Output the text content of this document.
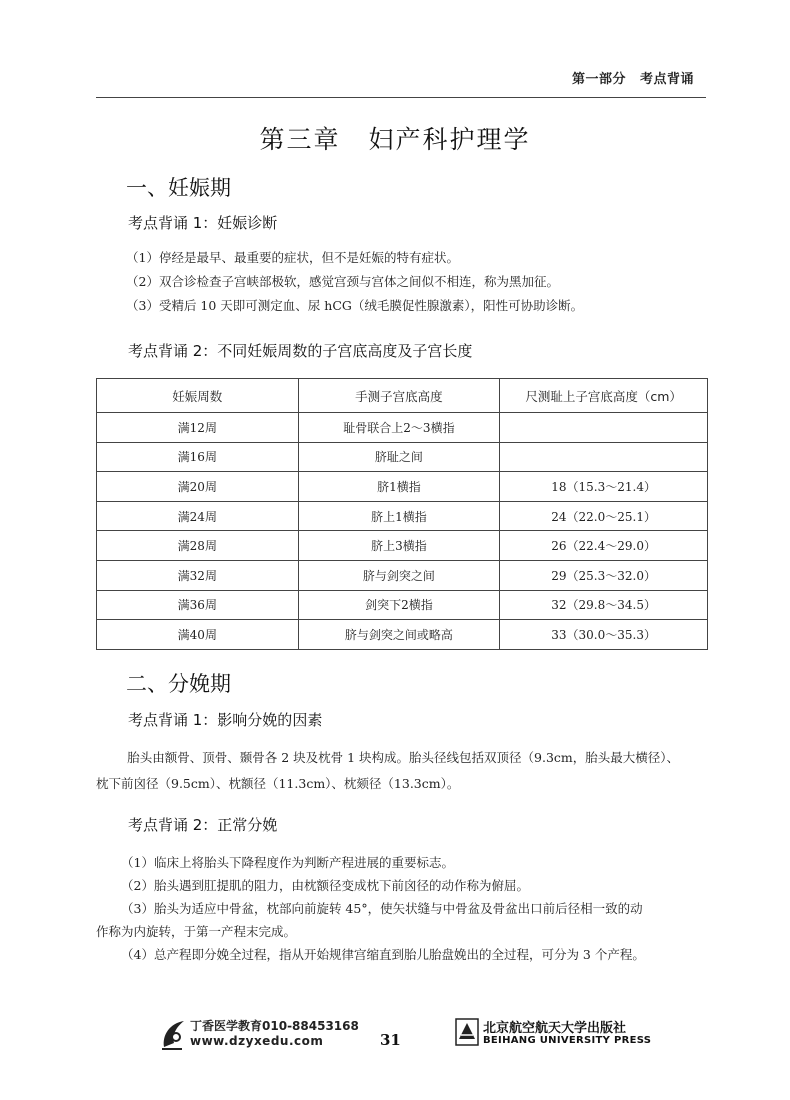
第一部分 考点背诵
第三章 妇产科护理学
一、妊娠期
考点背诵 1：妊娠诊断

（1）停经是最早、最重要的症状，但不是妊娠的特有症状。

（2）双合诊检查子宫峡部极软，感觉宫颈与宫体之间似不相连，称为黑加征。

（3）受精后 10 天即可测定血、尿 hCG（绒毛膜促性腺激素），阳性可协助诊断。

考点背诵 2：不同妊娠周数的子宫底高度及子宫长度
妊娠周数	手测子宫底高度	尺测耻上子宫底高度（cm）
满12周	耻骨联合上2～3横指	
满16周	脐耻之间	
满20周	脐1横指	18（15.3～21.4）
满24周	脐上1横指	24（22.0～25.1）
满28周	脐上3横指	26（22.4～29.0）
满32周	脐与剑突之间	29（25.3～32.0）
满36周	剑突下2横指	32（29.8～34.5）
满40周	脐与剑突之间或略高	33（30.0～35.3）
二、分娩期
考点背诵 1：影响分娩的因素

胎头由额骨、顶骨、颞骨各 2 块及枕骨 1 块构成。胎头径线包括双顶径（9.3cm，胎头最大横径）、

枕下前囟径（9.5cm）、枕额径（11.3cm）、枕颏径（13.3cm）。

考点背诵 2：正常分娩

（1）临床上将胎头下降程度作为判断产程进展的重要标志。

（2）胎头遇到肛提肌的阻力，由枕额径变成枕下前囟径的动作称为俯屈。

（3）胎头为适应中骨盆，枕部向前旋转 45°，使矢状缝与中骨盆及骨盆出口前后径相一致的动

作称为内旋转，于第一产程末完成。

（4）总产程即分娩全过程，指从开始规律宫缩直到胎儿胎盘娩出的全过程，可分为 3 个产程。

丁香医学教育010-88453168
www.dzyxedu.com	31
北京航空航天大学出版社
BEIHANG UNIVERSITY PRESS
